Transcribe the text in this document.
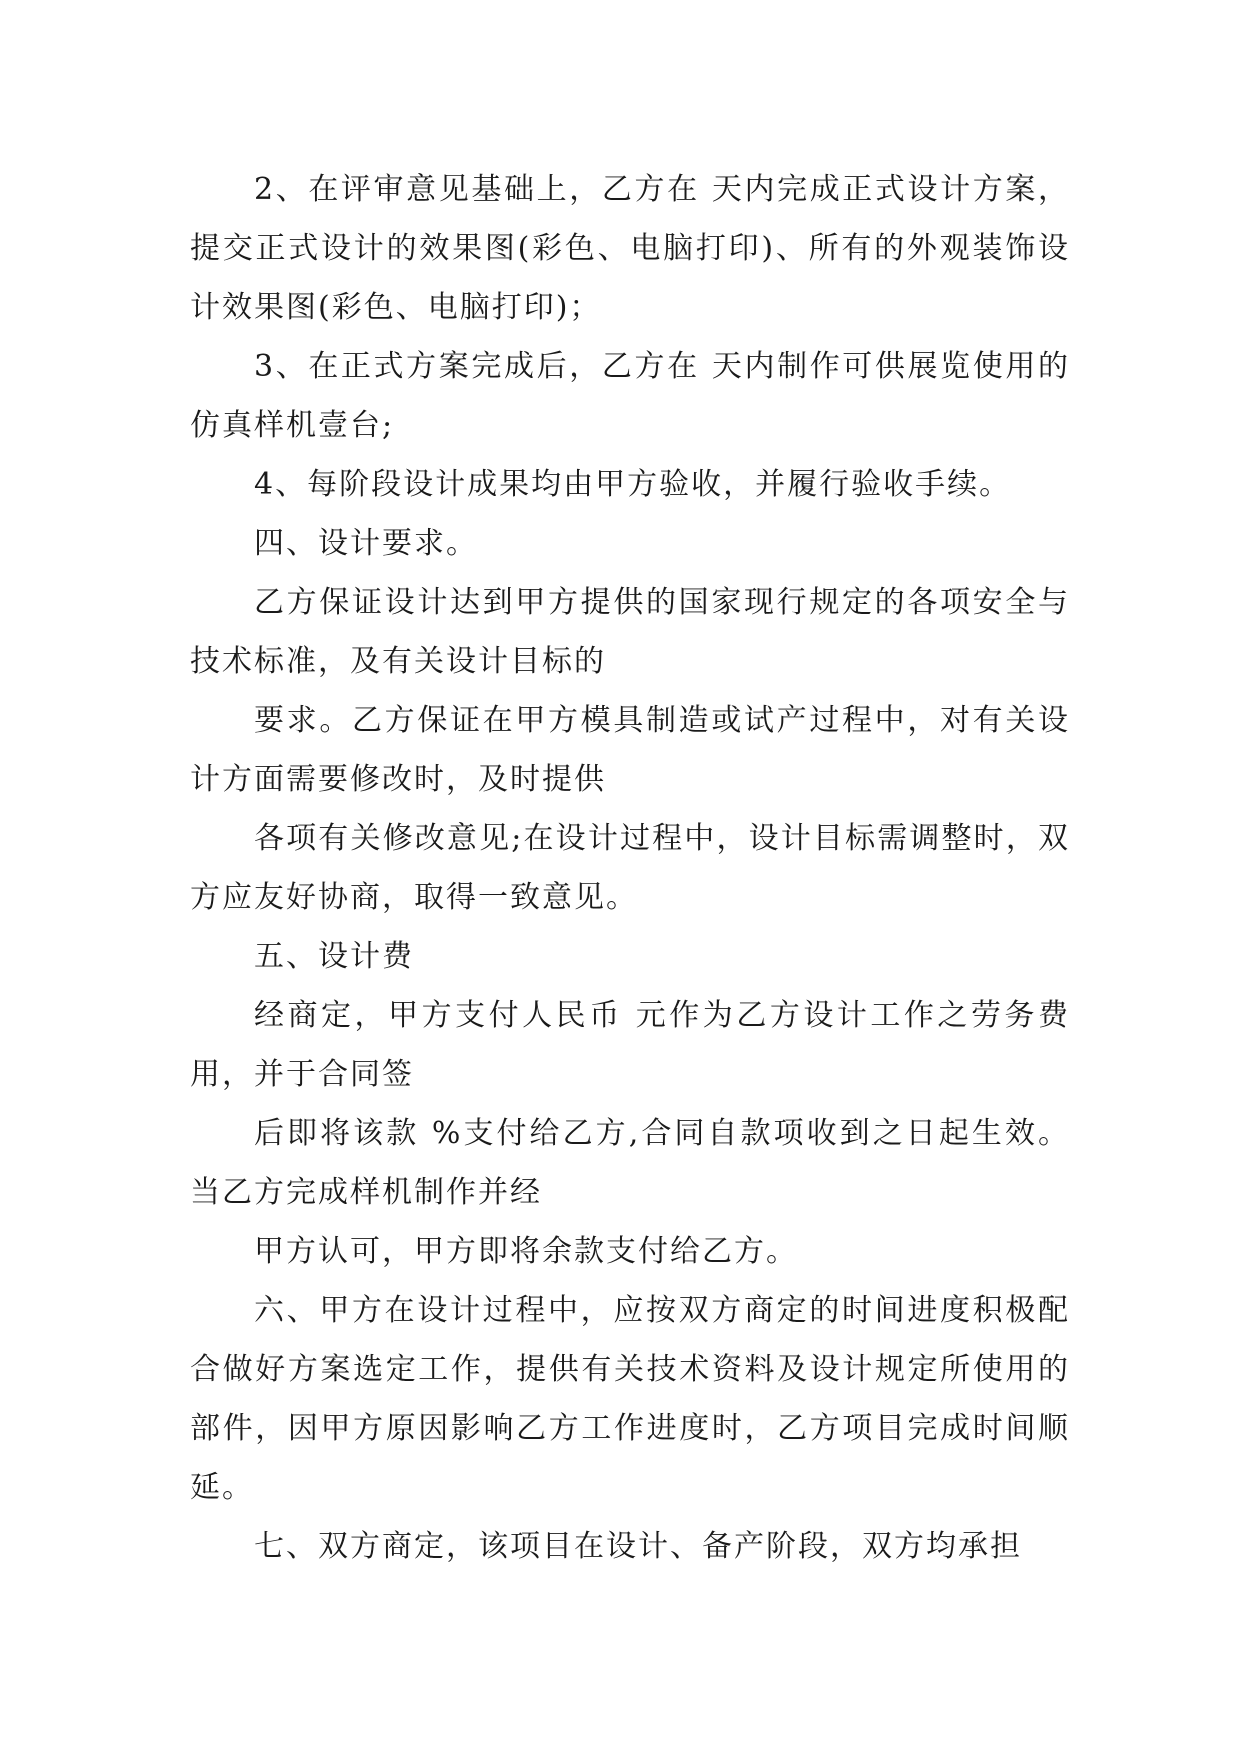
2、在评审意见基础上，乙方在 天内完成正式设计方案，提交正式设计的效果图(彩色、电脑打印)、所有的外观装饰设计效果图(彩色、电脑打印)；

3、在正式方案完成后，乙方在 天内制作可供展览使用的仿真样机壹台;

4、每阶段设计成果均由甲方验收，并履行验收手续。

四、设计要求。

乙方保证设计达到甲方提供的国家现行规定的各项安全与技术标准，及有关设计目标的

要求。乙方保证在甲方模具制造或试产过程中，对有关设计方面需要修改时，及时提供

各项有关修改意见;在设计过程中，设计目标需调整时，双方应友好协商，取得一致意见。

五、设计费

经商定，甲方支付人民币 元作为乙方设计工作之劳务费用，并于合同签

后即将该款 %支付给乙方,合同自款项收到之日起生效。当乙方完成样机制作并经

甲方认可，甲方即将余款支付给乙方。

六、甲方在设计过程中，应按双方商定的时间进度积极配合做好方案选定工作，提供有关技术资料及设计规定所使用的部件，因甲方原因影响乙方工作进度时，乙方项目完成时间顺延。

七、双方商定，该项目在设计、备产阶段，双方均承担
